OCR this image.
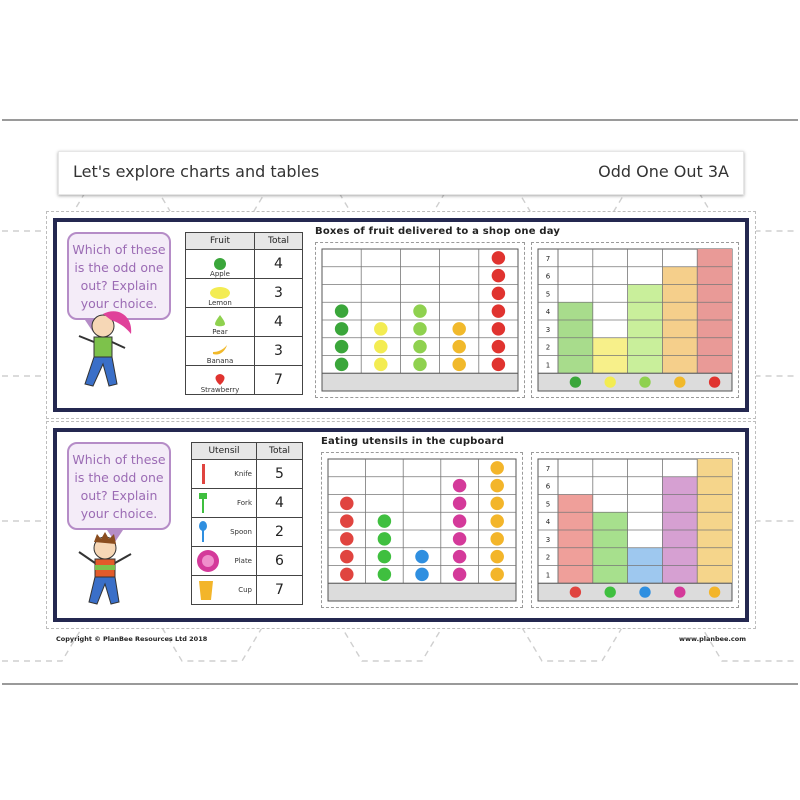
Let's explore charts and tables	Odd One Out 3A
Which of these is the odd one out? Explain your choice.
Fruit	Total

Apple	4

Lemon	3

Pear	4

Banana	3

Strawberry	7
Boxes of fruit delivered to a shop one day
1
2
3
4
5
6
7
Which of these is the odd one out? Explain your choice.
Utensil	Total

Knife	5

Fork	4

Spoon	2

Plate	6

Cup	7
Eating utensils in the cupboard
1
2
3
4
5
6
7
Copyright © PlanBee Resources Ltd 2018	www.planbee.com
